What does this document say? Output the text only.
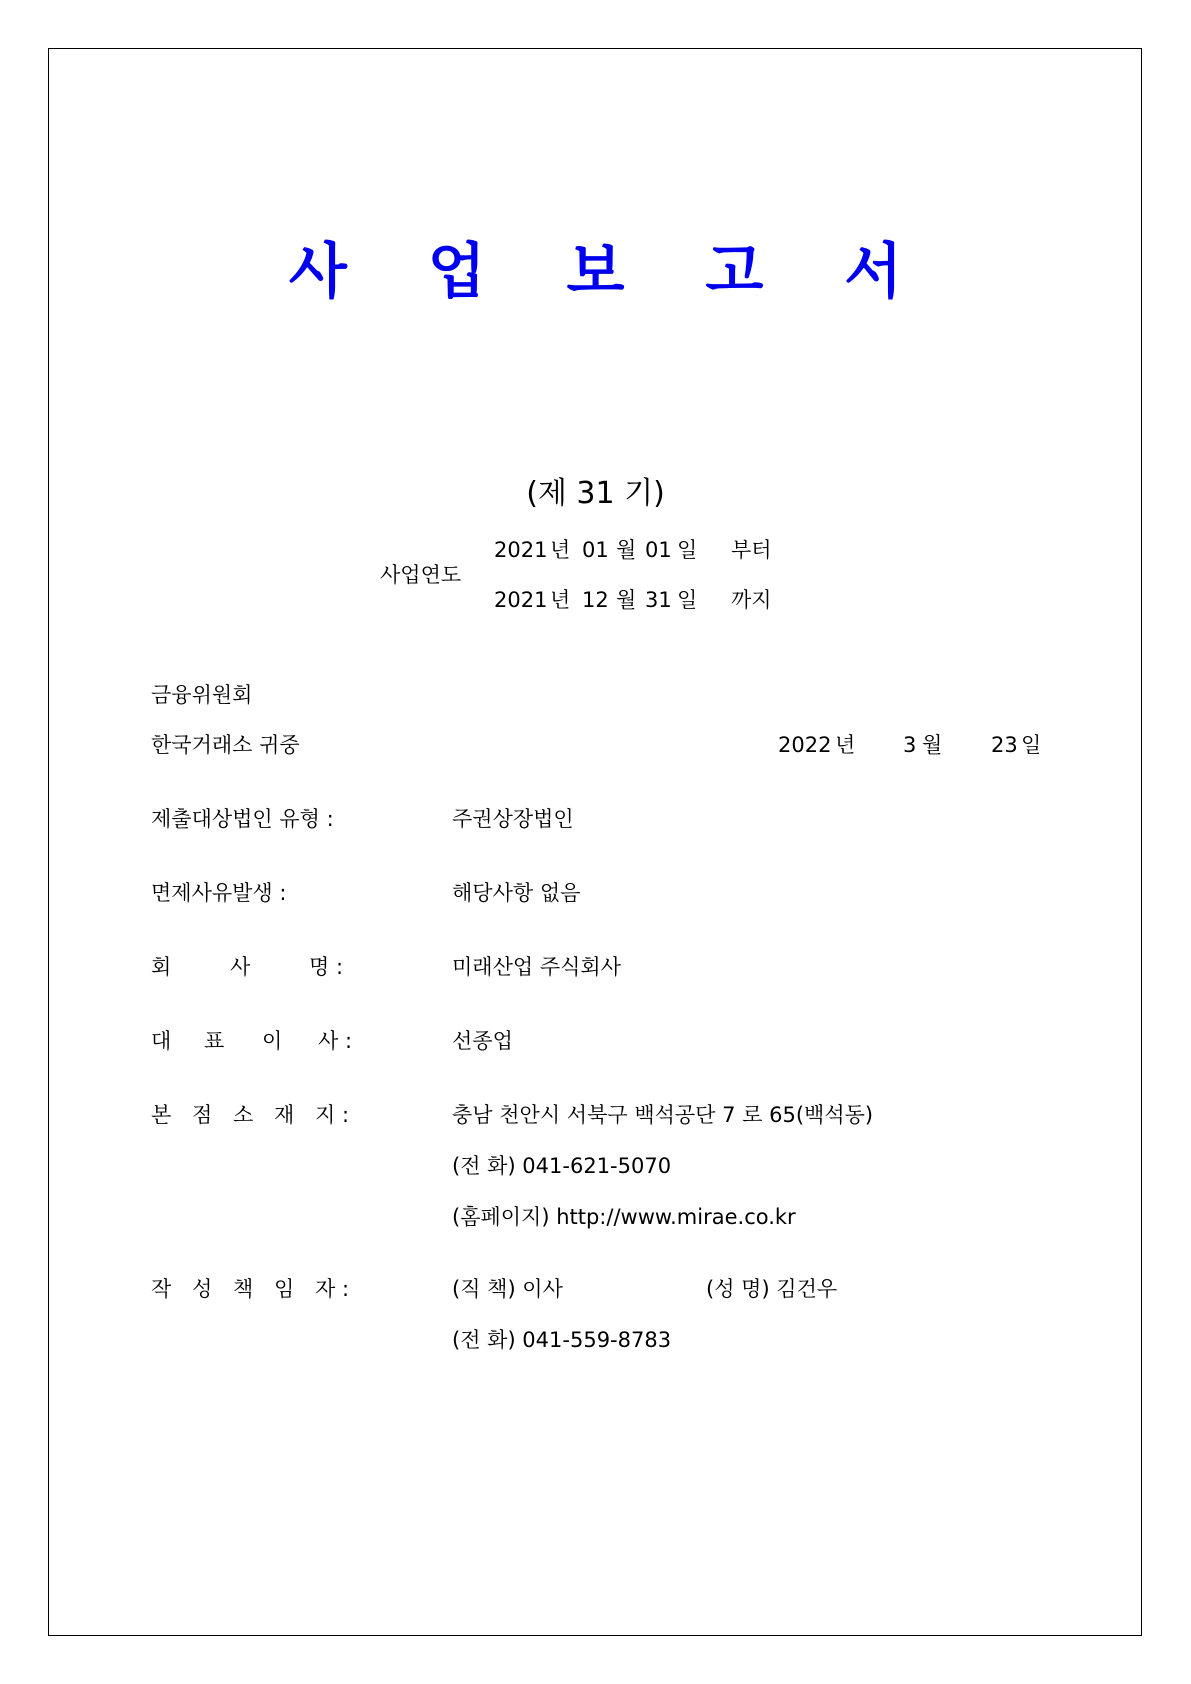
사 업 보 고 서
(제 31 기)
사업연도
2021 년 01 월 01 일 부터
2021 년 12 월 31 일 까지
금융위원회
한국거래소 귀중	2022 년 3 월 23 일
제출대상법인 유형 :	주권상장법인
면제사유발생 :	해당사항 없음
회	사	명 :	미래산업 주식회사
대 표 이 사 :	선종업
본 점 소 재 지 :	충남 천안시 서북구 백석공단 7 로 65(백석동)
(전 화) 041-621-5070
(홈페이지) http://www.mirae.co.kr
작 성 책 임 자 :	(직 책) 이사	(성 명) 김건우
(전 화) 041-559-8783
